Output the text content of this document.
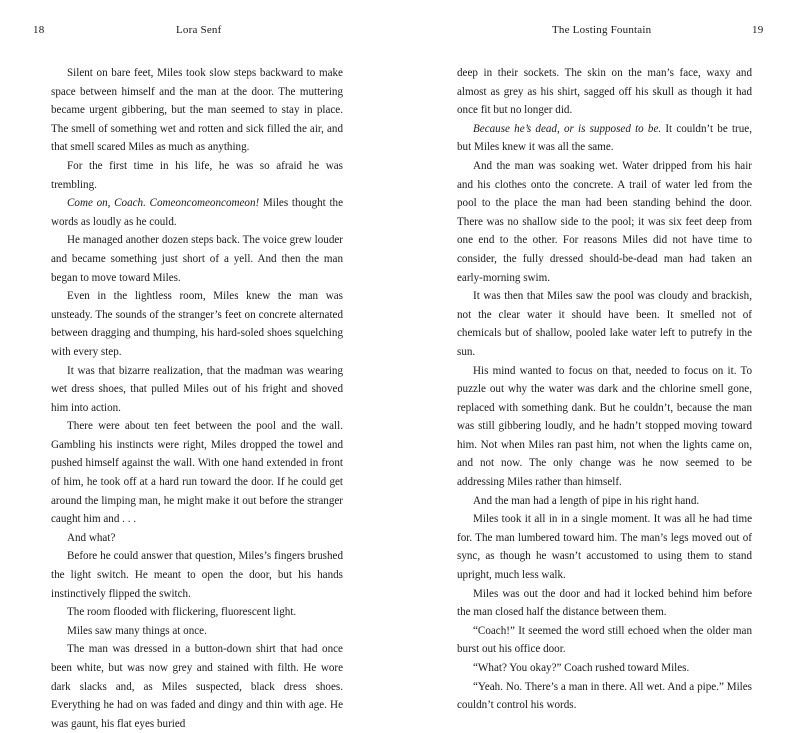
18	Lora Senf

Silent on bare feet, Miles took slow steps backward to make space between himself and the man at the door. The muttering became urgent gibbering, but the man seemed to stay in place. The smell of something wet and rotten and sick filled the air, and that smell scared Miles as much as anything.

For the first time in his life, he was so afraid he was trembling.

Come on, Coach. Comeoncomeoncomeon! Miles thought the words as loudly as he could.

He managed another dozen steps back. The voice grew louder and became something just short of a yell. And then the man began to move toward Miles.

Even in the lightless room, Miles knew the man was unsteady. The sounds of the stranger’s feet on concrete alternated between dragging and thumping, his hard-soled shoes squelching with every step.

It was that bizarre realization, that the madman was wearing wet dress shoes, that pulled Miles out of his fright and shoved him into action.

There were about ten feet between the pool and the wall. Gambling his instincts were right, Miles dropped the towel and pushed himself against the wall. With one hand extended in front of him, he took off at a hard run toward the door. If he could get around the limping man, he might make it out before the stranger caught him and . . .

And what?

Before he could answer that question, Miles’s fingers brushed the light switch. He meant to open the door, but his hands instinctively flipped the switch.

The room flooded with flickering, fluorescent light.

Miles saw many things at once.

The man was dressed in a button-down shirt that had once been white, but was now grey and stained with filth. He wore dark slacks and, as Miles suspected, black dress shoes. Everything he had on was faded and dingy and thin with age. He was gaunt, his flat eyes buried

The Losting Fountain	19

deep in their sockets. The skin on the man’s face, waxy and almost as grey as his shirt, sagged off his skull as though it had once fit but no longer did.

Because he’s dead, or is supposed to be. It couldn’t be true, but Miles knew it was all the same.

And the man was soaking wet. Water dripped from his hair and his clothes onto the concrete. A trail of water led from the pool to the place the man had been standing behind the door. There was no shallow side to the pool; it was six feet deep from one end to the other. For reasons Miles did not have time to consider, the fully dressed should-be-dead man had taken an early-morning swim.

It was then that Miles saw the pool was cloudy and brackish, not the clear water it should have been. It smelled not of chemicals but of shallow, pooled lake water left to putrefy in the sun.

His mind wanted to focus on that, needed to focus on it. To puzzle out why the water was dark and the chlorine smell gone, replaced with something dank. But he couldn’t, because the man was still gibbering loudly, and he hadn’t stopped moving toward him. Not when Miles ran past him, not when the lights came on, and not now. The only change was he now seemed to be addressing Miles rather than himself.

And the man had a length of pipe in his right hand.

Miles took it all in in a single moment. It was all he had time for. The man lumbered toward him. The man’s legs moved out of sync, as though he wasn’t accustomed to using them to stand upright, much less walk.

Miles was out the door and had it locked behind him before the man closed half the distance between them.

“Coach!” It seemed the word still echoed when the older man burst out his office door.

“What? You okay?” Coach rushed toward Miles.

“Yeah. No. There’s a man in there. All wet. And a pipe.” Miles couldn’t control his words.
